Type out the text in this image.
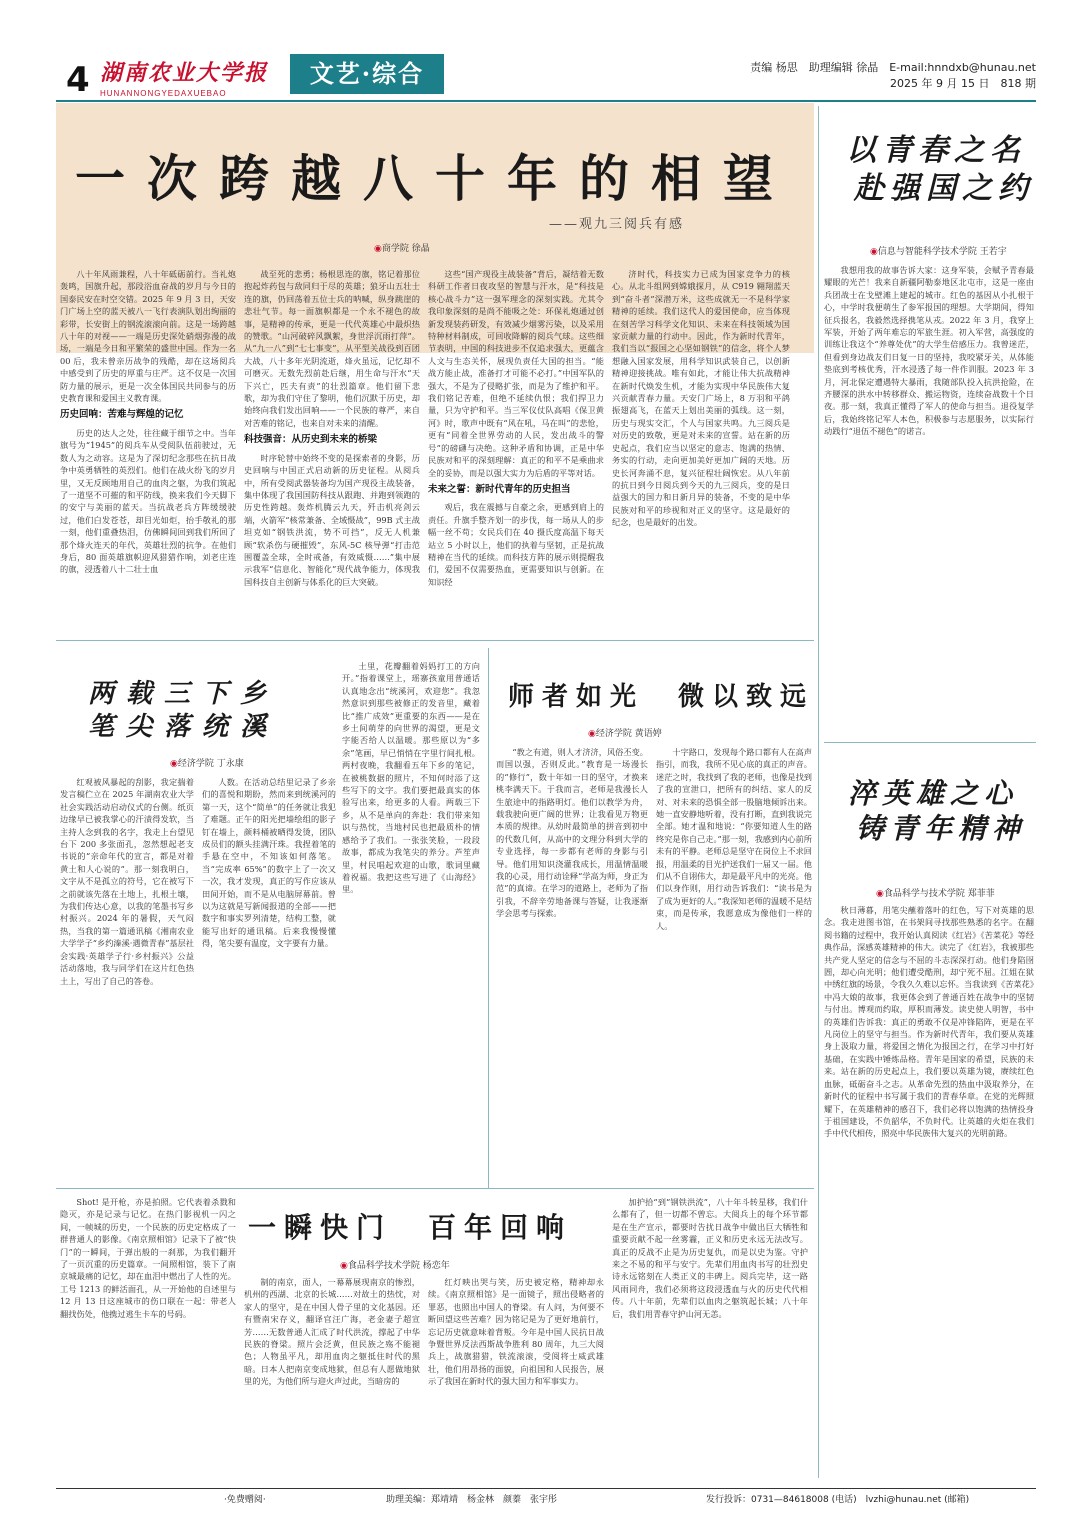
4 湖南农业大学报
HUNANNONGYEDAXUEBAO
文艺·综合	责编 杨思　助理编辑 徐晶　E-mail:hnndxb@hunau.net
2025 年 9 月 15 日　818 期
一次跨越八十年的相望
——观九三阅兵有感
◉ 商学院 徐晶

八十年风雨兼程，八十年砥砺前行。当礼炮轰鸣，国旗升起，那段浴血奋战的岁月与今日的国泰民安在时空交错。2025 年 9 月 3 日，天安门广场上空的蓝天被八一飞行表演队划出绚丽的彩带，长安街上的钢流滚滚向前。这是一场跨越八十年的对视——一端是历史深处硝烟弥漫的战场，一端是今日和平繁荣的盛世中国。作为一名 00 后，我未曾亲历战争的残酷，却在这场阅兵中感受到了历史的厚重与庄严。这不仅是一次国防力量的展示，更是一次全体国民共同参与的历史教育课和爱国主义教育课。

历史回响：苦难与辉煌的记忆

历史的达人之处，往往藏于细节之中。当年旗号为“1945”的阅兵车从受阅队伍前驶过，无数人为之动容。这是为了深切纪念那些在抗日战争中英勇牺牲的英烈们。他们在战火纷飞的岁月里，又无反顾地用自己的血肉之躯，为我们筑起了一道坚不可摧的和平防线，换来我们今天脚下的安宁与美丽的蓝天。当抗战老兵方阵缓缓驶过，他们白发苍苍，却目光如炬，抬手敬礼的那一刻，他们重叠热泪，仿佛瞬间回到我们所回了那个烽火连天的年代，英雄壮烈的抗争。在他们身后，80 面英雄旗帜迎风猎猎作响，刘老庄连的旗，浸透着八十二壮士血

战至死的悲勇；杨根思连的旗，铭记着那位抱起炸药包与敌同归于尽的英雄；狼牙山五壮士连的旗，仍回荡着五位士兵的呐喊，纵身跳崖的悲壮气节。每一面旗帜都是一个永不褪色的故事，是精神的传承，更是一代代英雄心中最炽热的赞歌。“山河破碎风飘絮，身世浮沉雨打萍”。从“九一八”到“七七事变”，从平型关战役到百团大战，八十多年光阴流逝，烽火虽远，记忆却不可磨灭。无数先烈前赴后继，用生命与汗水“天下兴亡，匹夫有责”的壮烈篇章。他们留下悲歌，却为我们守住了黎明，他们沉默于历史，却始终向我们发出回响——一个民族的尊严，来自对苦难的铭记，也来自对未来的清醒。

科技强音：从历史到未来的桥梁

时序轮替中始终不变的是探索者的身影，历史回响与中国正式启动新的历史征程。从阅兵中，所有受阅武器装备均为国产现役主战装备，集中体现了我国国防科技从跟跑、并跑到领跑的历史性跨越。轰炸机腾云九天，歼击机亮剑云端，火箭军“核常兼备、全域慑战”，99B 式主战坦克如“钢铁洪流，势不可挡”，反无人机兼顾“软杀伤与硬摧毁”，东风-5C 核导弹“打击范围覆盖全球，全时戒备，有效威慑……”集中展示我军“信息化、智能化”现代战争能力，体现我国科技自主创新与体系化的巨大突破。

这些“国产现役主战装备”背后，凝结着无数科研工作者日夜攻坚的智慧与汗水，是“科技是核心战斗力”这一强军理念的深刻实践。尤其令我印象深刻的是尚不能吸之处：环保礼炮通过创新发现装药研发，有效减少烟雾污染，以及采用特种材料制成，可回收降解的阅兵气球。这些细节表明，中国的科技进步不仅追求强大，更蕴含人文与生态关怀，展现负责任大国的担当。“能战方能止战，准备打才可能不必打。”中国军队的强大，不是为了侵略扩张，而是为了维护和平。我们铭记苦难，但绝不延续仇恨；我们捍卫力量，只为守护和平。当三军仪仗队高唱《保卫黄河》时，歌声中既有“风在吼，马在叫”的悲怆，更有“同着全世界劳动的人民，发出战斗的警号”的磅礴与决绝。这种矛盾和协调，正是中华民族对和平的深刻理解：真正的和平不是乘曲求全的妥协，而是以强大实力为后盾的平等对话。

未来之誓：新时代青年的历史担当

观后，我在震撼与自豪之余，更感到肩上的责任。升旗手整齐划一的步伐，每一场从人的步幅一丝不苟；女民兵们在 40 摄氏度高温下每天站立 5 小时以上，他们的执着与坚韧，正是抗战精神在当代的延续。而科技方阵的展示则提醒我们，爱国不仅需要热血，更需要知识与创新。在知识经

济时代，科技实力已成为国家竞争力的核心。从北斗组网到嫦娥探月，从 C919 翱翔蓝天到“奋斗者”深潜万米，这些成就无一不是科学家精神的延续。我们这代人的爱国使命，应当体现在刻苦学习科学文化知识、未来在科技领域为国家贡献力量的行动中。因此，作为新时代青年，我们当以“报国之心坚如钢铁”的信念，将个人梦想融入国家发展，用科学知识武装自己，以创新精神迎接挑战。唯有如此，才能让伟大抗战精神在新时代焕发生机，才能为实现中华民族伟大复兴贡献青春力量。天安门广场上，8 万羽和平鸽振翅高飞，在蓝天上划出美丽的弧线。这一刻，历史与现实交汇，个人与国家共鸣。九三阅兵是对历史的致敬，更是对未来的宣誓。站在新的历史起点，我们应当以坚定的意志、饱满的热情、务实的行动，走向更加美好更加广阔的天地。历史长河奔涌不息，复兴征程壮阔恢宏。从八年前的抗日到今日阅兵到今天的九三阅兵，变的是日益强大的国力和日新月异的装备，不变的是中华民族对和平的珍视和对正义的坚守。这是最好的纪念，也是最好的出发。

以青春之名
赴强国之约
◉ 信息与智能科学技术学院 王若宇

我想用我的故事告诉大家：这身军装，会赋予青春最耀眼的光芒！我来自新疆阿勒泰地区北屯市，这是一座由兵团战士在戈壁滩上建起的城市。红色的基因从小扎根于心，中学时我便萌生了参军报国的理想。大学期间，得知征兵报名，我毅然选择携笔从戎。2022 年 3 月，我穿上军装，开始了两年难忘的军旅生涯。初入军营，高强度的训练让我这个“养尊处优”的大学生倍感压力。我曾迷茫，但看到身边战友们日复一日的坚持，我咬紧牙关，从体能垫底到考核优秀，汗水浸透了每一件作训服。2023 年 3 月，河北保定遭遇特大暴雨，我随部队投入抗洪抢险，在齐腰深的洪水中转移群众、搬运物资，连续奋战数十个日夜。那一刻，我真正懂得了军人的使命与担当。退役复学后，我始终铭记军人本色，积极参与志愿服务，以实际行动践行“退伍不褪色”的诺言。

两载三下乡
笔尖落统溪
◉ 经济学院 丁永康

红观被风暴起的刮影，我定揣着发言稿伫立在 2025 年湖南农业大学社会实践活动启动仪式的台侧。纸页边缘早已被我掌心的汗渍得发软，当主持人念到我的名字，我走上台望见台下 200 多张面孔，忽然想起老支书说的“亲命年代的宣言，都是对着黄土和人心说的”。那一刻我明白，文字从不是孤立的符号，它在被写下之前就该先落在土地上，扎根土壤，为我们传达心意，以我的笔墨书写乡村振兴。2024 年的暑假，天气闷热，当我的第一篇通讯稿《湘南农业大学学子“乡约溱溪·遇微青春”基层社会实践·英雄学子行·乡村振兴》公益活动落地，我与同学们在这片红色热土上，写出了自己的答卷。

人数。在活动总结里记录了乡亲们的喜悦和期盼，然而来到统溪河的第一天，这个“简单”的任务就让我犯了难题。正午的阳光把墙绘组的影子钉在墙上，颜料桶被晒得发烫，团队成员们的额头挂满汗珠。我捏着笔的手悬在空中，不知该如何落笔。当“完成率 65%”的数字上了一次又一次，我才发现，真正的写作应该从田间开始，而不是从电脑屏幕前。曾以为这就是写新闻报道的全部——把数字和事实罗列清楚，结构工整，就能写出好的通讯稿。后来我慢慢懂得，笔尖要有温度，文字要有力量。

土里，花瓣翻着妈妈打工的方向开。”指着课堂上，瑶寨孩童用普通话认真地念出“统溪河，欢迎您”。我忽然意识到那些被修正的发音里，藏着比“推广成效”更重要的东西——是在乡土间萌芽的向世界的渴望，更是文字能否给人以温暖。那些原以为“多余”笔画，早已悄悄在字里行间扎根。两村夜晚，我翻看五年下乡的笔记，在被桃数据的照片，不知何时添了这些写下的文字。我们要把最真实的体验写出来，给更多的人看。两载三下乡，从不是单向的奔赴：我们带来知识与热忱，当地村民也把最质朴的情感给予了我们。一张张笑脸，一段段故事，都成为我笔尖的养分。芦笙声里，村民唱起欢迎的山歌，歌词里藏着祝福。我把这些写进了《山海经》里。

师者如光　微以致远
◉ 经济学院 黄语婷

“教之有道，则人才济济，风俗丕变。而国以强，否则反此。”教育是一场漫长的“修行”，数十年如一日的坚守，才换来桃李满天下。于我而言，老师是我漫长人生旅途中的指路明灯。他们以教学为舟，载我驶向更广阔的世界；让我看见万物更本质的规律。从幼时最简单的拼音到初中的代数几何，从高中的文理分科到大学的专业选择，每一步都有老师的身影与引导。他们用知识浇灌我成长，用温情温暖我的心灵，用行动诠释“学高为师，身正为范”的真谛。在学习的道路上，老师为了指引我，不辞辛劳地备课与答疑，让我逐渐学会思考与探索。

十字路口，发现每个路口都有人在高声指引，而我，我所不见心底的真正的声音。迷茫之时，我找到了我的老师，也像是找到了我的宣泄口，把所有的纠结、家人的反对、对未来的恐惧全部一股脑地倾诉出来。她一直安静地听着，没有打断，直到我说完全部。她才温和地说：“你要知道人生的路终究是你自己走。”那一刻，我感到内心前所未有的平静。老师总是坚守在岗位上不求回报，用温柔的目光护送我们一届又一届。他们从不自诩伟大，却是最平凡中的光亮。他们以身作则，用行动告诉我们：“读书是为了成为更好的人。”我深知老师的温暖不是结束，而是传承，我愿意成为像他们一样的人。

淬英雄之心
铸青年精神
◉ 食品科学与技术学院 郑菲菲

秋日薄暮，用笔尖蘸着落叶的红色，写下对英雄的思念。我走进图书馆，在书架间寻找那些熟悉的名字。在翻阅书籍的过程中，我开始认真阅读《红岩》《苦菜花》等经典作品，深感英雄精神的伟大。读完了《红岩》，我被那些共产党人坚定的信念与不屈的斗志深深打动。他们身陷囹圄，却心向光明；他们遭受酷刑，却宁死不屈。江姐在狱中绣红旗的场景，令我久久难以忘怀。当我读到《苦菜花》中冯大娘的故事，我更体会到了普通百姓在战争中的坚韧与付出。博观而约取，厚积而薄发。读史使人明智，书中的英雄们告诉我：真正的勇敢不仅是冲锋陷阵，更是在平凡岗位上的坚守与担当。作为新时代青年，我们要从英雄身上汲取力量，将爱国之情化为报国之行，在学习中打好基础，在实践中锤炼品格。青年是国家的希望，民族的未来。站在新的历史起点上，我们要以英雄为镜，赓续红色血脉，砥砺奋斗之志。从革命先烈的热血中汲取养分，在新时代的征程中书写属于我们的青春华章。在党的光辉照耀下，在英雄精神的感召下，我们必将以饱满的热情投身于祖国建设，不负韶华，不负时代。让英雄的火炬在我们手中代代相传，照亮中华民族伟大复兴的光明前路。

一瞬快门　百年回响
◉ 食品科学技术学院 杨恋年

Shot! 是开枪，亦是拍照。它代表着杀戮和隐灭，亦是记录与记忆。在热门影视机一闪之间，一帧城的历史，一个民族的历史定格成了一群普通人的影像。《南京照相馆》记录下了被“快门”的一瞬间，于弹出般的一刹那，为我们翻开了一页沉重的历史篇章。一间照相馆，装下了南京城最痛的记忆，却在血泪中燃出了人性的光。工号 1213 的鲜活面孔，从一开始他的自述里与 12 月 13 日这座城市的伤口联在一起：带老人翻找伤处，他携过逃生卡车的号码。

制的南京，面人，一幕幕展现南京的惨烈，机州的西湖、北京的长城……对故土的热忱，对家人的坚守，是在中国人骨子里的文化基因。还有暨南宋存义，翻译官汪广海，老金妻子超宣芳……无数普通人汇成了时代洪流，撑起了中华民族的脊梁。照片会泛黄，但民族之殇不能褪色；人物虽平凡，却用血肉之躯抵住时代的黑暗。日本人把南京变成地狱，但总有人愿做地狱里的光，为他们所与迎火声过此，当暗房的

红灯映出哭与笑，历史被定格，精神却永续。《南京照相馆》是一面镜子，照出侵略者的罪恶，也照出中国人的脊梁。有人问，为何要不断回望这些苦难？因为铭记是为了更好地前行，忘记历史就意味着背叛。今年是中国人民抗日战争暨世界反法西斯战争胜利 80 周年，九三大阅兵上，战旗猎猎，铁流滚滚，受阅将士威武雄壮，他们用昂扬的面貌，向祖国和人民报告，展示了我国在新时代的强大国力和军事实力。

加护拾“到”钢铁洪流”，八十年斗转星移，我们什么都有了，但一切都不曾忘。大阅兵上的每个环节都是在生产宣示，都要时告扰日战争中做出巨大牺牲和重要贡献不起一丝雾霾，正义和历史永远无法改写。真正的反战不止是为历史复仇，而是以史为鉴。守护来之不易的和平与安宁。先辈们用血肉书写的壮烈史诗永远铭刻在人类正义的丰碑上。阅兵完毕，这一路风雨同舟，我们必须将这段浸透血与火的历史代代相传。八十年前，先辈们以血肉之躯筑起长城；八十年后，我们用青春守护山河无恙。

·免费赠阅·	助理美编：郑靖靖　杨金林　颜蓁　张宇彤	发行投诉：0731—84618008 (电话)　lvzhi@hunau.net (邮箱)
